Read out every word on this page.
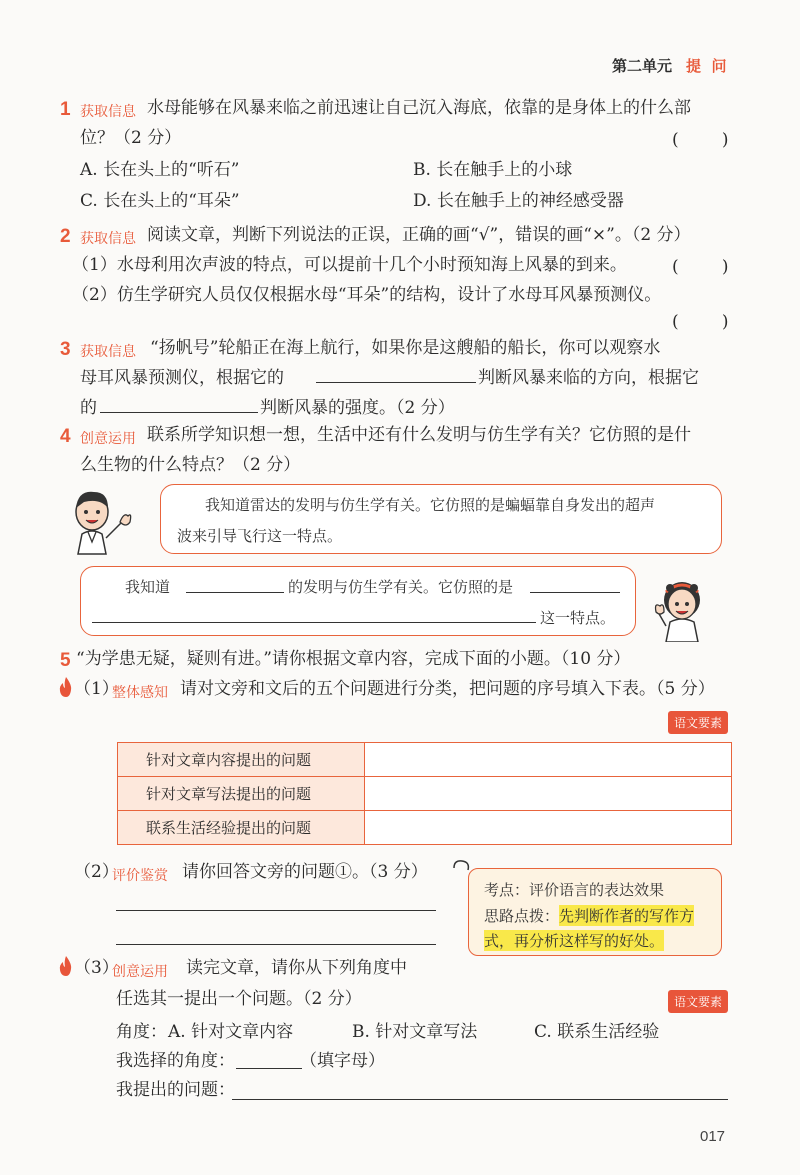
第二单元 提  问
1 获取信息 水母能够在风暴来临之前迅速让自己沉入海底，依靠的是身体上的什么部
位？（2 分）	(        )
A. 长在头上的“听石”	B. 长在触手上的小球
C. 长在头上的“耳朵”	D. 长在触手上的神经感受器
2 获取信息 阅读文章，判断下列说法的正误，正确的画“√”，错误的画“×”。（2 分）
（1）水母利用次声波的特点，可以提前十几个小时预知海上风暴的到来。	(        )
（2）仿生学研究人员仅仅根据水母“耳朵”的结构，设计了水母耳风暴预测仪。
(        )
3 获取信息 “扬帆号”轮船正在海上航行，如果你是这艘船的船长，你可以观察水
母耳风暴预测仪，根据它的	判断风暴来临的方向，根据它
的	判断风暴的强度。（2 分）
4 创意运用 联系所学知识想一想，生活中还有什么发明与仿生学有关？它仿照的是什
么生物的什么特点？（2 分）
我知道雷达的发明与仿生学有关。它仿照的是蝙蝠靠自身发出的超声
波来引导飞行这一特点。
我知道	的发明与仿生学有关。它仿照的是
这一特点。
5 “为学患无疑，疑则有进。”请你根据文章内容，完成下面的小题。（10 分）
（1）
整体感知 请对文旁和文后的五个问题进行分类，把问题的序号填入下表。（5 分）
语文要素
针对文章内容提出的问题	
针对文章写法提出的问题	
联系生活经验提出的问题	
（2）
评价鉴赏 请你回答文旁的问题①。（3 分）
考点：评价语言的表达效果
思路点拨： 先判断作者的写作方
式，再分析这样写的好处。
（3）
创意运用 读完文章，请你从下列角度中
任选其一提出一个问题。（2 分）	语文要素
角度： A. 针对文章内容	B. 针对文章写法	C. 联系生活经验
我选择的角度：	（填字母）
我提出的问题：
017
